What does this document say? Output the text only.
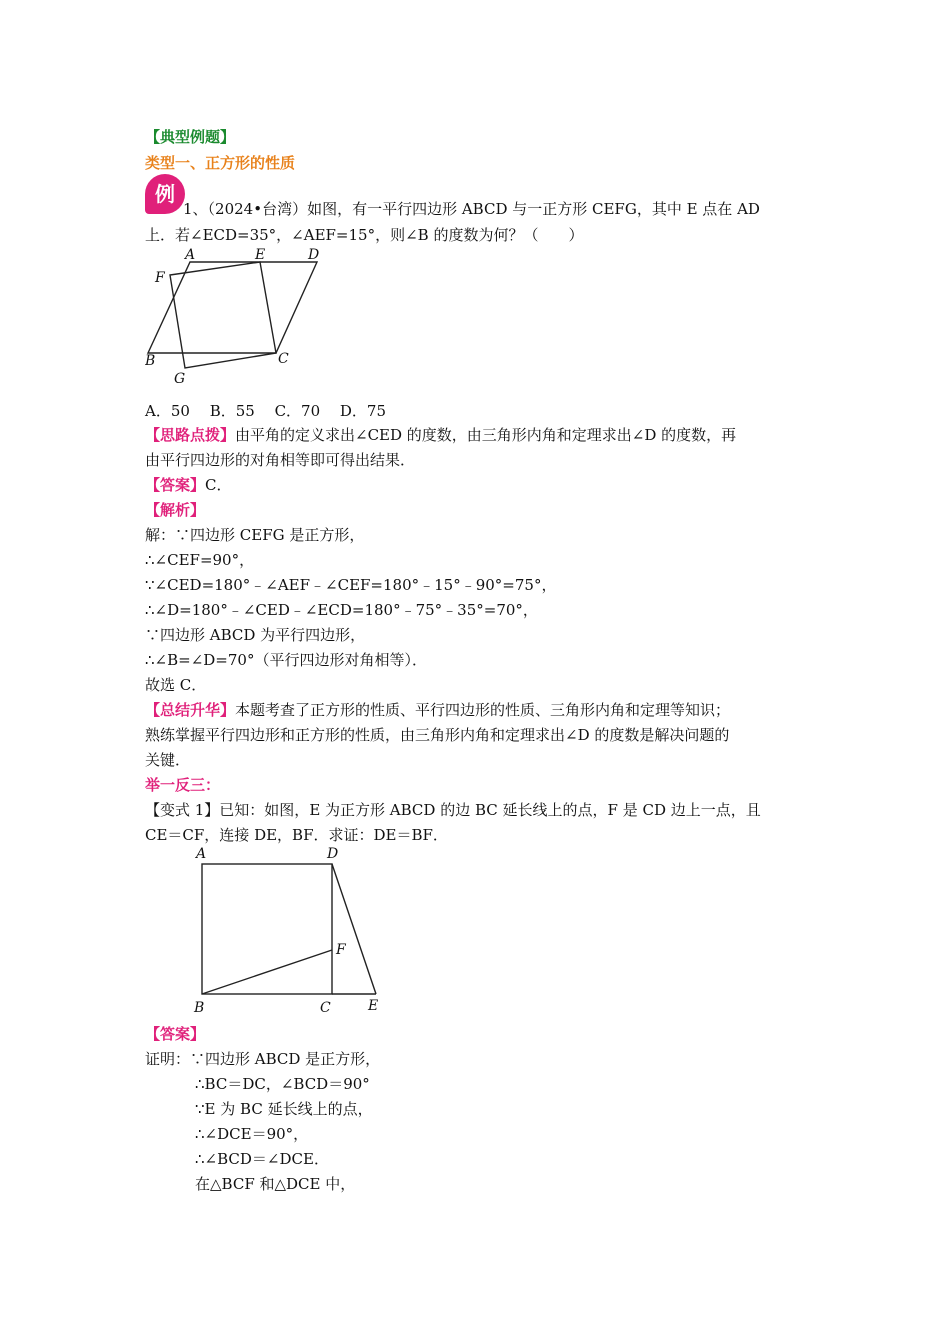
【典型例题】
类型一、正方形的性质
例
1、（2024•台湾）如图，有一平行四边形 ABCD 与一正方形 CEFG，其中 E 点在 AD
上．若∠ECD=35°，∠AEF=15°，则∠B 的度数为何？（　　）
A	E	D
F
B	C
G
A．50　 B．55　 C．70　 D．75
【思路点拨】由平角的定义求出∠CED 的度数，由三角形内角和定理求出∠D 的度数，再
由平行四边形的对角相等即可得出结果．
【答案】C．
【解析】
解：∵四边形 CEFG 是正方形，
∴∠CEF=90°，
∵∠CED=180°﹣∠AEF﹣∠CEF=180°﹣15°﹣90°=75°，
∴∠D=180°﹣∠CED﹣∠ECD=180°﹣75°﹣35°=70°，
∵四边形 ABCD 为平行四边形，
∴∠B=∠D=70°（平行四边形对角相等）．
故选 C．
【总结升华】本题考查了正方形的性质、平行四边形的性质、三角形内角和定理等知识；
熟练掌握平行四边形和正方形的性质，由三角形内角和定理求出∠D 的度数是解决问题的
关键．
举一反三：
【变式 1】已知：如图，E 为正方形 ABCD 的边 BC 延长线上的点，F 是 CD 边上一点，且
CE＝CF，连接 DE，BF．求证：DE＝BF．
A	D
F
B	C	E
【答案】
证明：∵四边形 ABCD 是正方形，
∴BC＝DC，∠BCD＝90°
∵E 为 BC 延长线上的点，
∴∠DCE＝90°，
∴∠BCD＝∠DCE．
在△BCF 和△DCE 中，
